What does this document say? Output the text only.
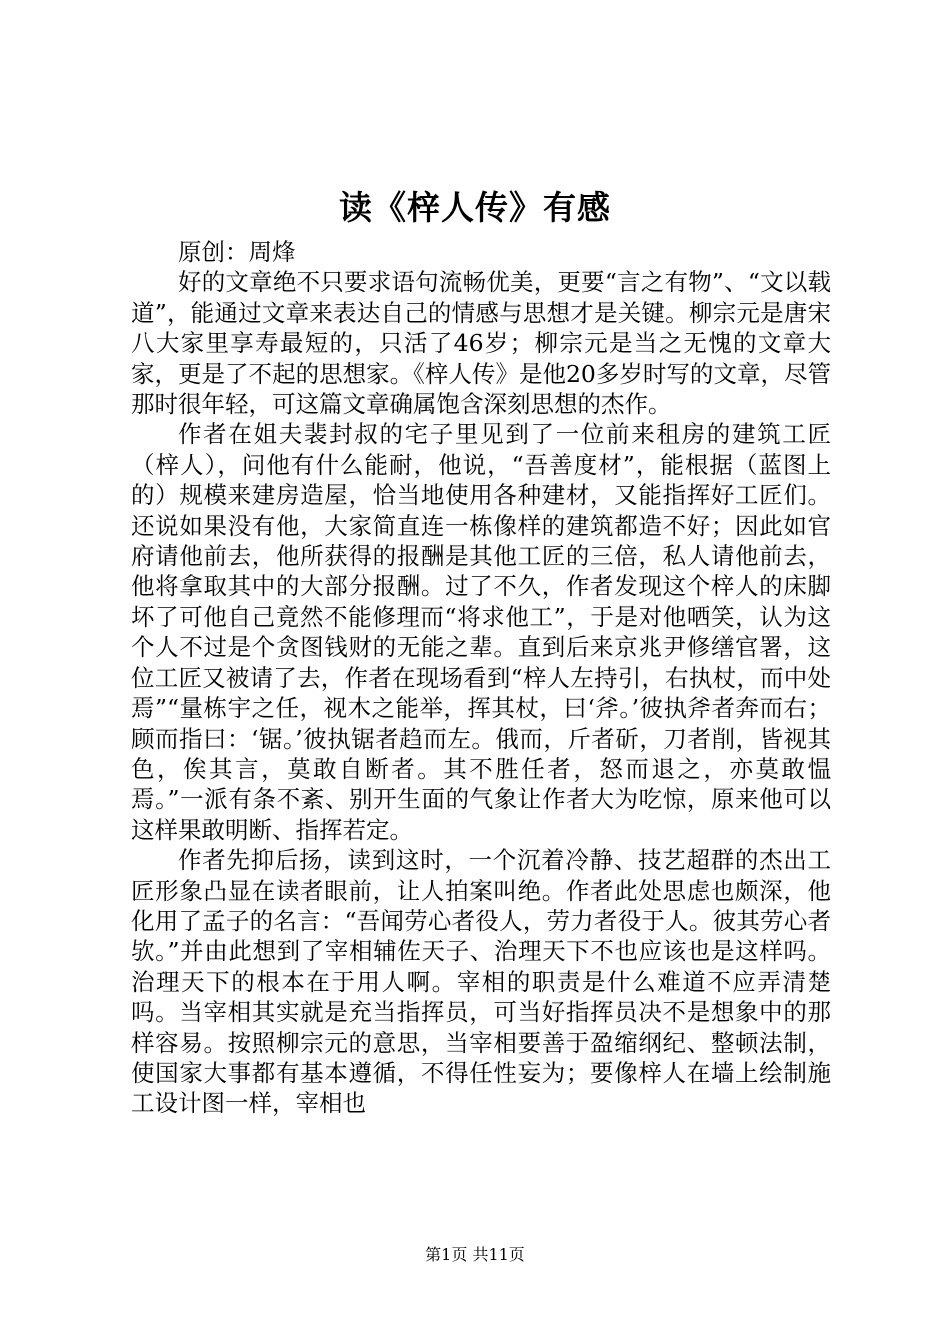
读《梓人传》有感

原创：周烽

好的文章绝不只要求语句流畅优美，更要“言之有物”、“文以载道”，能通过文章来表达自己的情感与思想才是关键。柳宗元是唐宋八大家里享寿最短的，只活了46岁；柳宗元是当之无愧的文章大家，更是了不起的思想家。《梓人传》是他20多岁时写的文章，尽管那时很年轻，可这篇文章确属饱含深刻思想的杰作。

作者在姐夫裴封叔的宅子里见到了一位前来租房的建筑工匠（梓人），问他有什么能耐，他说，“吾善度材”，能根据（蓝图上的）规模来建房造屋，恰当地使用各种建材，又能指挥好工匠们。还说如果没有他，大家简直连一栋像样的建筑都造不好；因此如官府请他前去，他所获得的报酬是其他工匠的三倍，私人请他前去，他将拿取其中的大部分报酬。过了不久，作者发现这个梓人的床脚坏了可他自己竟然不能修理而“将求他工”，于是对他哂笑，认为这个人不过是个贪图钱财的无能之辈。直到后来京兆尹修缮官署，这位工匠又被请了去，作者在现场看到“梓人左持引，右执杖，而中处焉”“量栋宇之任，视木之能举，挥其杖，曰‘斧。’彼执斧者奔而右；顾而指曰：‘锯。’彼执锯者趋而左。俄而，斤者斫，刀者削，皆视其色，俟其言，莫敢自断者。其不胜任者，怒而退之，亦莫敢愠焉。”一派有条不紊、别开生面的气象让作者大为吃惊，原来他可以这样果敢明断、指挥若定。

作者先抑后扬，读到这时，一个沉着冷静、技艺超群的杰出工匠形象凸显在读者眼前，让人拍案叫绝。作者此处思虑也颇深，他化用了孟子的名言：“吾闻劳心者役人，劳力者役于人。彼其劳心者欤。”并由此想到了宰相辅佐天子、治理天下不也应该也是这样吗。治理天下的根本在于用人啊。宰相的职责是什么难道不应弄清楚吗。当宰相其实就是充当指挥员，可当好指挥员决不是想象中的那样容易。按照柳宗元的意思，当宰相要善于盈缩纲纪、整顿法制，使国家大事都有基本遵循，不得任性妄为；要像梓人在墙上绘制施工设计图一样，宰相也

第1页 共11页
